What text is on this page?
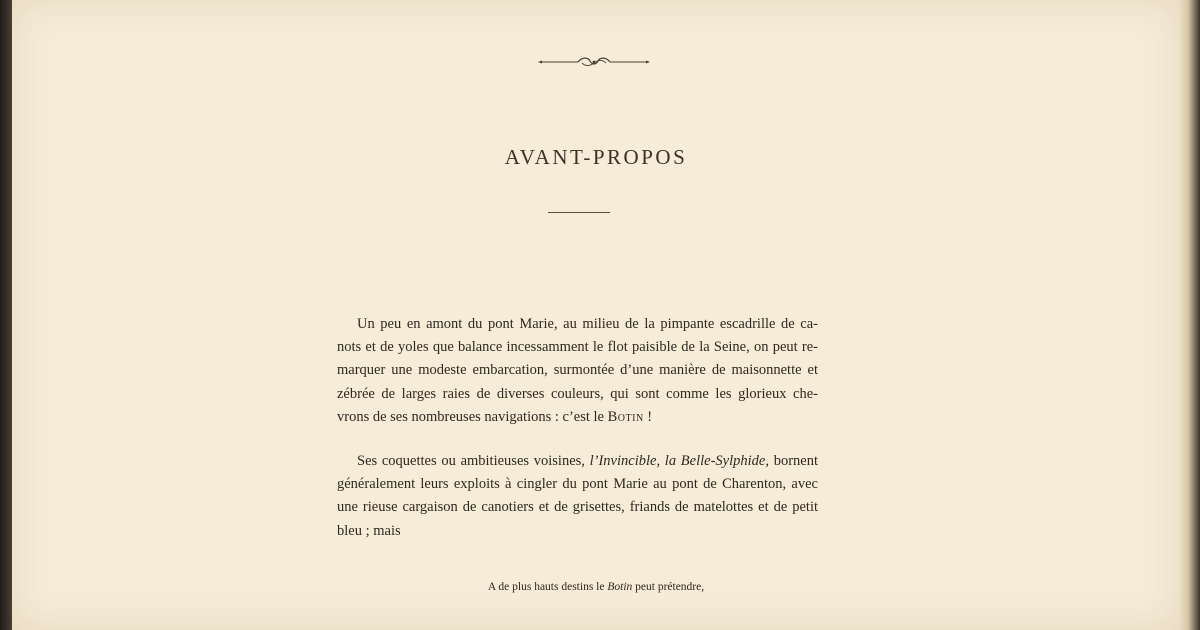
AVANT-PROPOS

Un peu en amont du pont Marie, au milieu de la pimpante escadrille de ca-
nots et de yoles que balance incessamment le flot paisible de la Seine, on peut re-
marquer une modeste embarcation, surmontée d’une manière de maisonnette et
zébrée de larges raies de diverses couleurs, qui sont comme les glorieux che-
vrons de ses nombreuses navigations : c’est le Botin !

Ses coquettes ou ambitieuses voisines, l’Invincible, la Belle-Sylphide, bornent
généralement leurs exploits à cingler du pont Marie au pont de Charenton, avec
une rieuse cargaison de canotiers et de grisettes, friands de matelottes et de petit
bleu ; mais

A de plus hauts destins le Botin peut prétendre,
